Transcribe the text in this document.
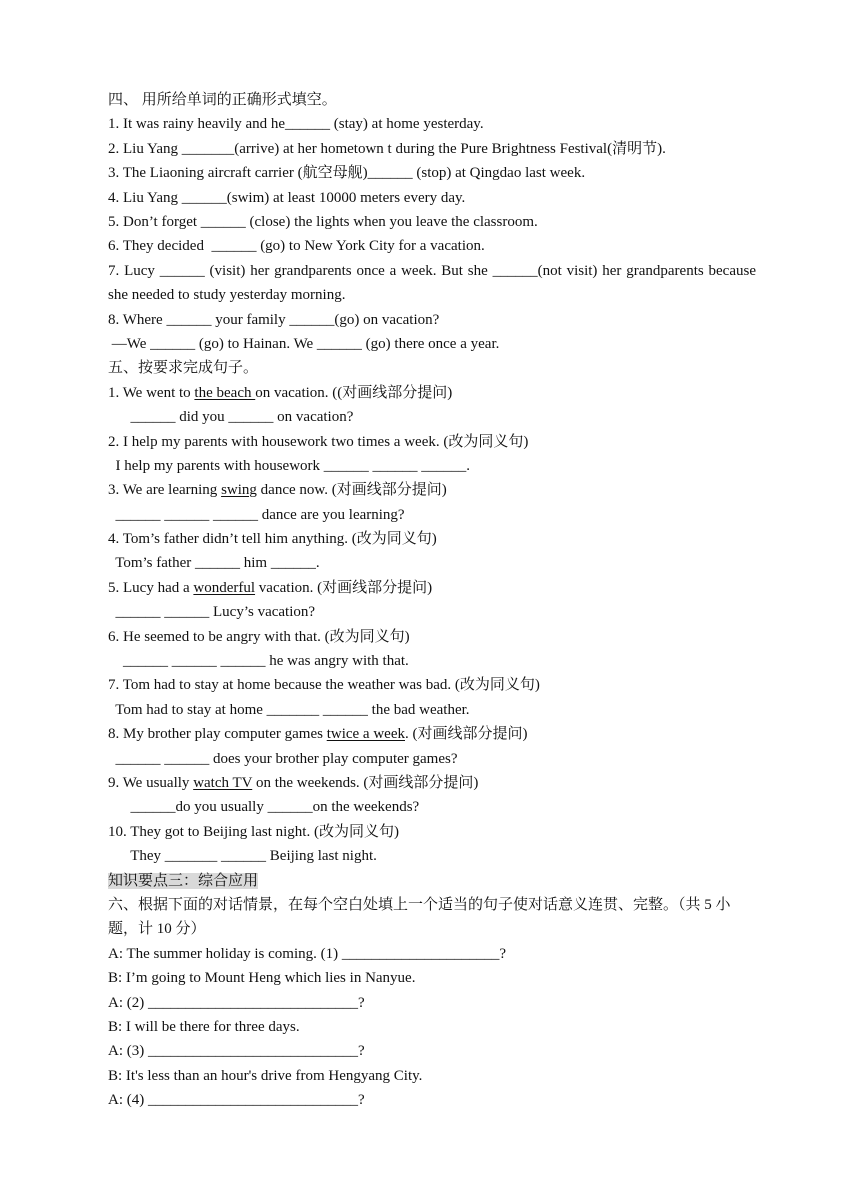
四、 用所给单词的正确形式填空。
1. It was rainy heavily and he______ (stay) at home yesterday.
2. Liu Yang _______(arrive) at her hometown t during the Pure Brightness Festival(清明节).
3. The Liaoning aircraft carrier (航空母舰)______ (stop) at Qingdao last week.
4. Liu Yang ______(swim) at least 10000 meters every day.
5. Don’t forget ______ (close) the lights when you leave the classroom.
6. They decided  ______ (go) to New York City for a vacation.
7. Lucy ______ (visit) her grandparents once a week. But she ______(not visit) her grandparents because she needed to study yesterday morning.
8. Where ______ your family ______(go) on vacation?
—We ______ (go) to Hainan. We ______ (go) there once a year.
五、按要求完成句子。
1. We went to the beach on vacation. ((对画线部分提问)
______ did you ______ on vacation?
2. I help my parents with housework two times a week. (改为同义句)
I help my parents with housework ______ ______ ______.
3. We are learning swing dance now. (对画线部分提问)
______ ______ ______ dance are you learning?
4. Tom’s father didn’t tell him anything. (改为同义句)
Tom’s father ______ him ______.
5. Lucy had a wonderful vacation. (对画线部分提问)
______ ______ Lucy’s vacation?
6. He seemed to be angry with that. (改为同义句)
______ ______ ______ he was angry with that.
7. Tom had to stay at home because the weather was bad. (改为同义句)
Tom had to stay at home _______ ______ the bad weather.
8. My brother play computer games twice a week. (对画线部分提问)
______ ______ does your brother play computer games?
9. We usually watch TV on the weekends. (对画线部分提问)
______do you usually ______on the weekends?
10. They got to Beijing last night. (改为同义句)
They _______ ______ Beijing last night.
知识要点三：综合应用
六、根据下面的对话情景，在每个空白处填上一个适当的句子使对话意义连贯、完整。（共 5 小题，计 10 分）
A: The summer holiday is coming. (1) _____________________?
B: I’m going to Mount Heng which lies in Nanyue.
A: (2) ____________________________?
B: I will be there for three days.
A: (3) ____________________________?
B: It's less than an hour's drive from Hengyang City.
A: (4) ____________________________?
